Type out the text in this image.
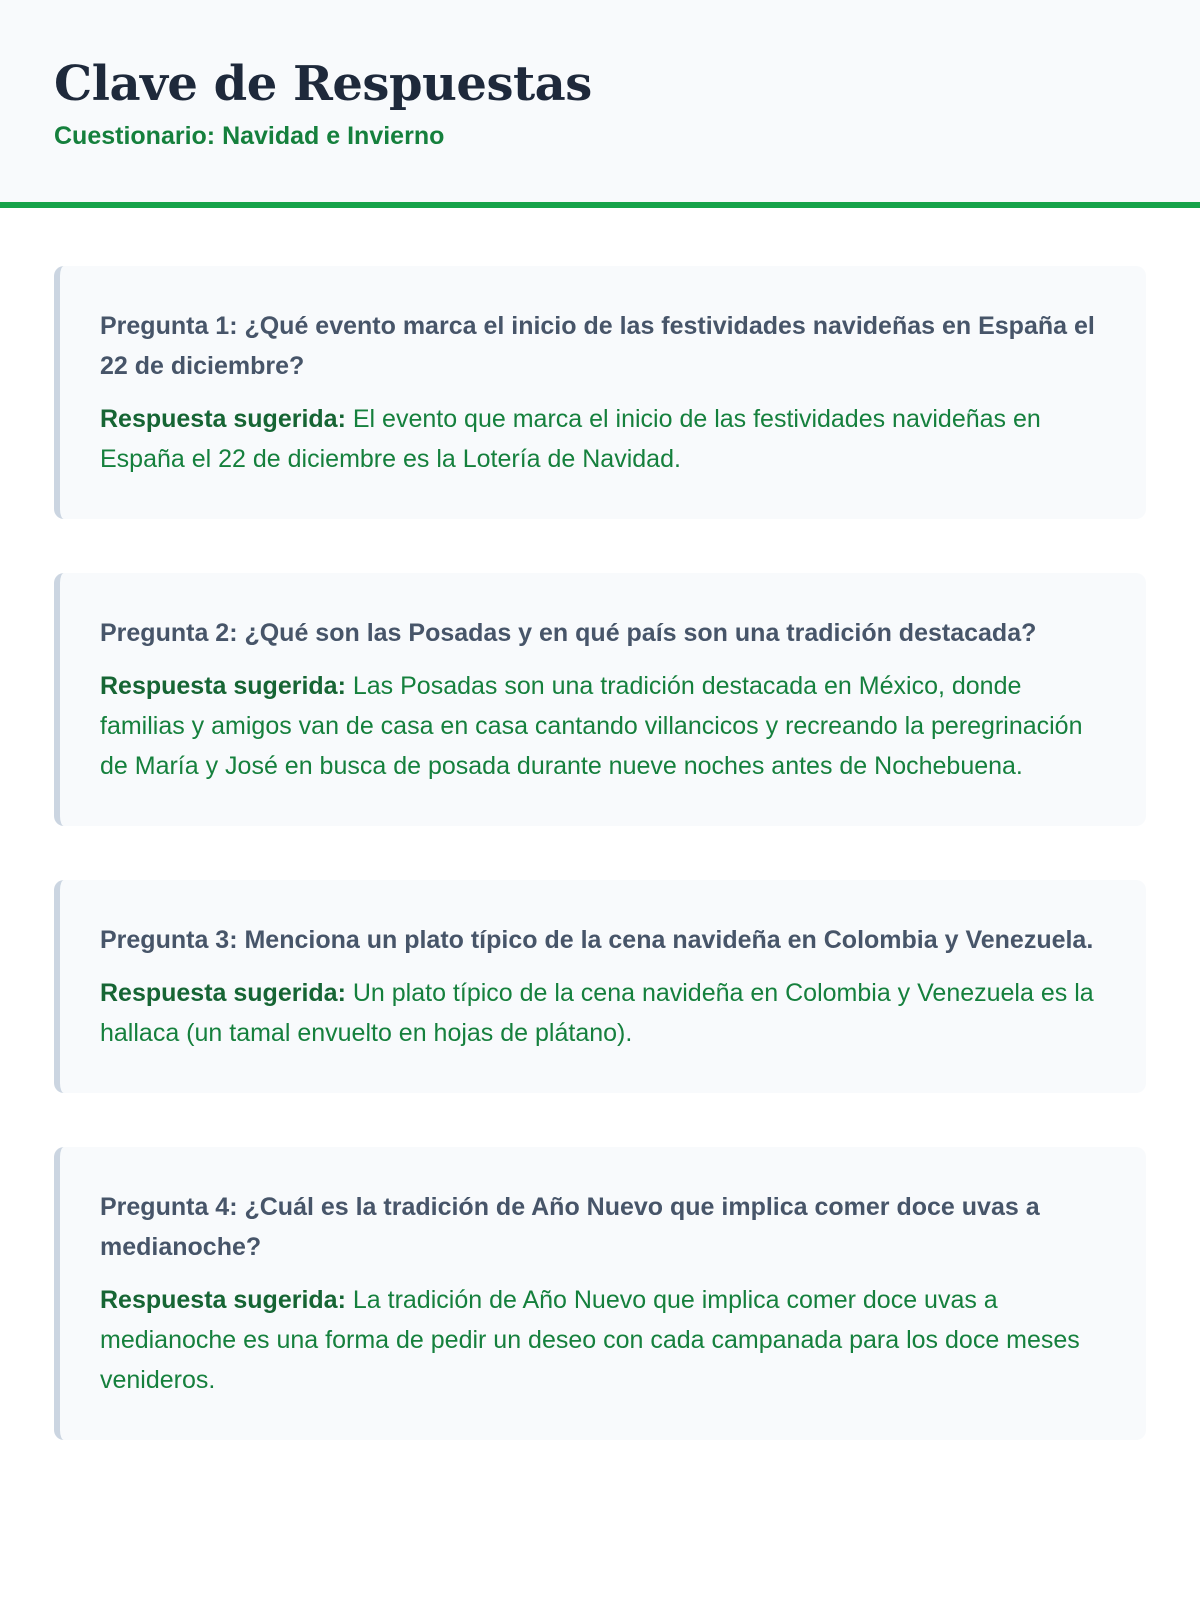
Clave de Respuestas
Cuestionario: Navidad e Invierno

Pregunta 1: ¿Qué evento marca el inicio de las festividades navideñas en España el 22 de diciembre?

Respuesta sugerida: El evento que marca el inicio de las festividades navideñas en España el 22 de diciembre es la Lotería de Navidad.

Pregunta 2: ¿Qué son las Posadas y en qué país son una tradición destacada?

Respuesta sugerida: Las Posadas son una tradición destacada en México, donde familias y amigos van de casa en casa cantando villancicos y recreando la peregrinación de María y José en busca de posada durante nueve noches antes de Nochebuena.

Pregunta 3: Menciona un plato típico de la cena navideña en Colombia y Venezuela.

Respuesta sugerida: Un plato típico de la cena navideña en Colombia y Venezuela es la hallaca (un tamal envuelto en hojas de plátano).

Pregunta 4: ¿Cuál es la tradición de Año Nuevo que implica comer doce uvas a medianoche?

Respuesta sugerida: La tradición de Año Nuevo que implica comer doce uvas a medianoche es una forma de pedir un deseo con cada campanada para los doce meses venideros.
